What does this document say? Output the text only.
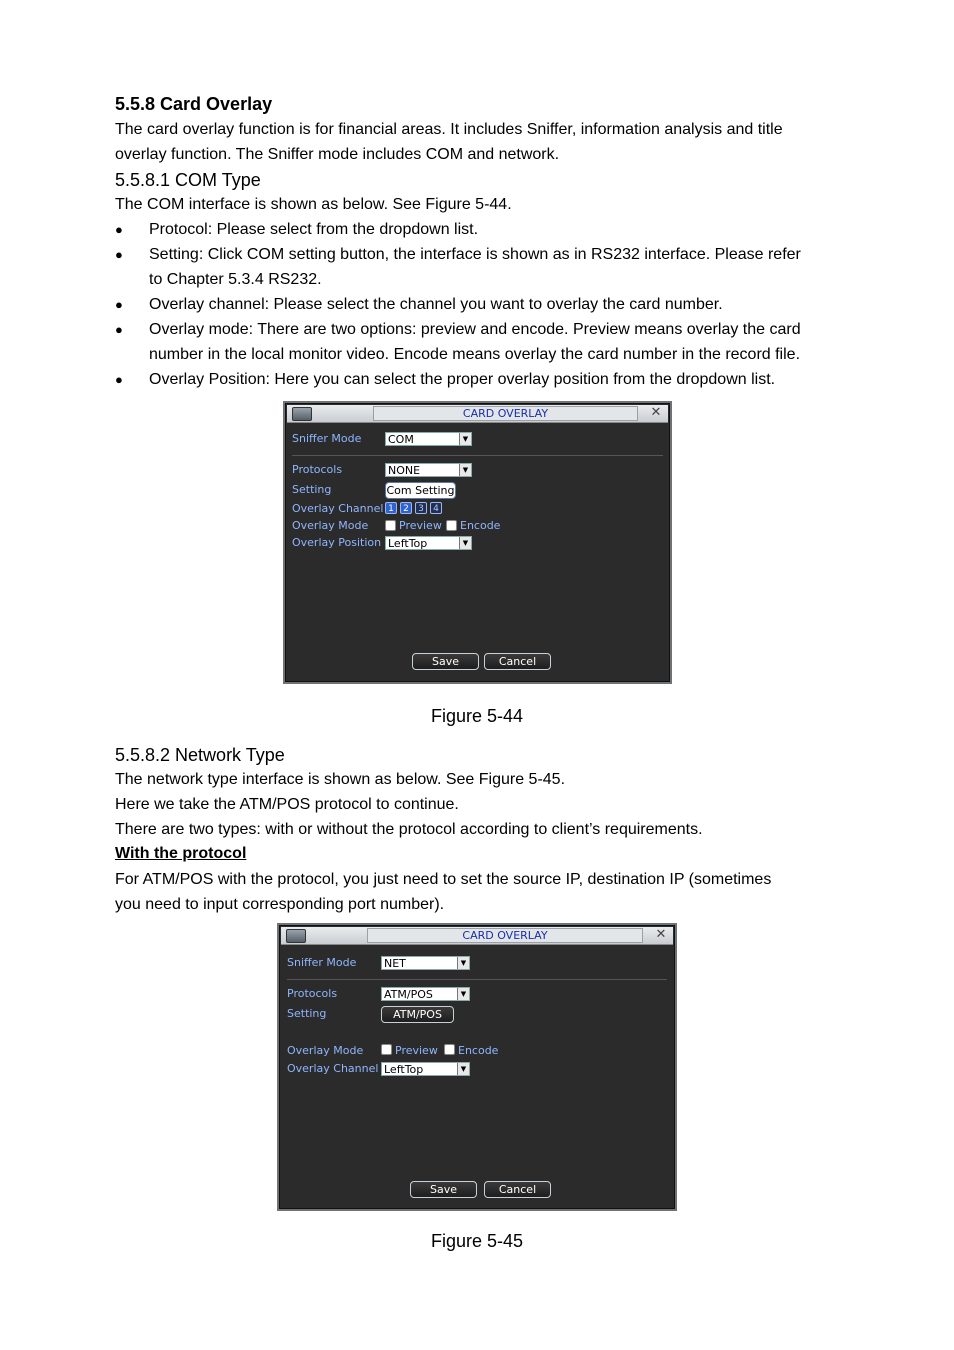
5.5.8 Card Overlay
The card overlay function is for financial areas. It includes Sniffer, information analysis and title
overlay function. The Sniffer mode includes COM and network.
5.5.8.1 COM Type
The COM interface is shown as below. See Figure 5-44.
● Protocol: Please select from the dropdown list.
● Setting: Click COM setting button, the interface is shown as in RS232 interface. Please refer
to Chapter 5.3.4 RS232.
● Overlay channel: Please select the channel you want to overlay the card number.
● Overlay mode: There are two options: preview and encode. Preview means overlay the card
number in the local monitor video. Encode means overlay the card number in the record file.
● Overlay Position: Here you can select the proper overlay position from the dropdown list.
CARD OVERLAY	✕
Sniffer Mode COM	▼
Protocols	NONE	▼
Setting	Com Setting
Overlay Channel 1	2	3	4
Overlay Mode	Preview Encode
Overlay Position LeftTop	▼
Save	Cancel
Figure 5-44
5.5.8.2 Network Type
The network type interface is shown as below. See Figure 5-45.
Here we take the ATM/POS protocol to continue.
There are two types: with or without the protocol according to client’s requirements.
With the protocol
For ATM/POS with the protocol, you just need to set the source IP, destination IP (sometimes
you need to input corresponding port number).
CARD OVERLAY	✕
Sniffer Mode	NET	▼
Protocols	ATM/POS	▼
Setting	ATM/POS
Overlay Mode	Preview Encode
Overlay Channel LeftTop	▼
Save	Cancel
Figure 5-45
